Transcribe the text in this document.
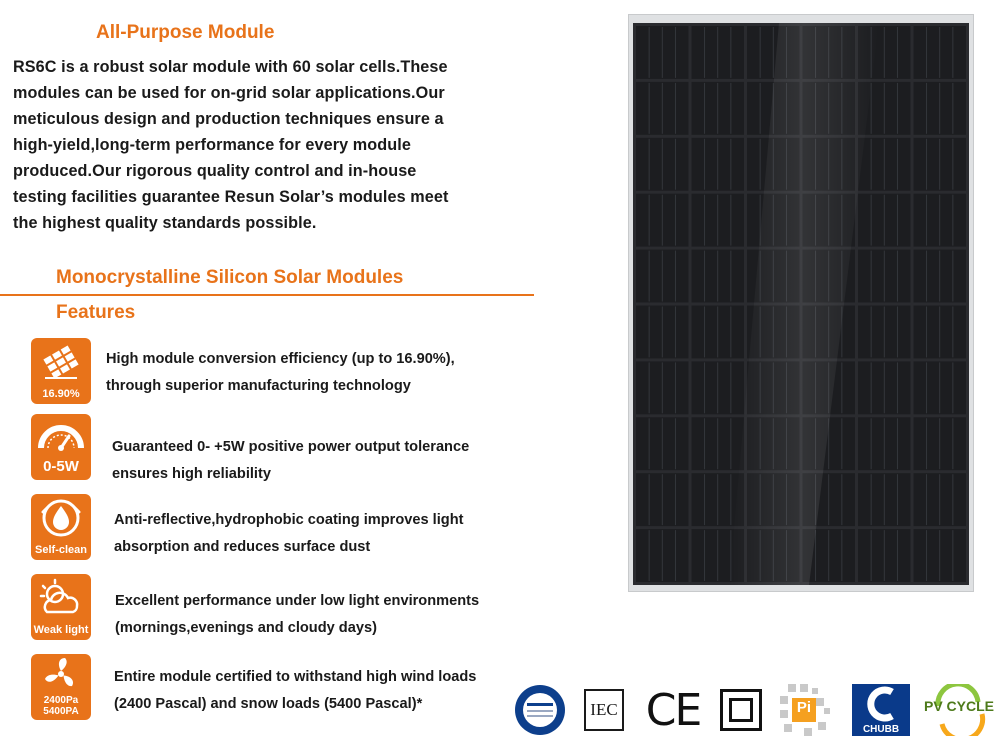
All-Purpose Module
RS6C is a robust solar module with 60 solar cells.These
modules can be used for on-grid solar applications.Our
meticulous design and production techniques ensure a
high-yield,long-term performance for every module
produced.Our rigorous quality control and in-house
testing facilities guarantee Resun Solar’s modules meet
the highest quality standards possible.
Monocrystalline Silicon Solar Modules
Features
16.90%
High module conversion efficiency (up to 16.90%),
through superior manufacturing technology
0-5W
Guaranteed 0- +5W positive power output tolerance
ensures high reliability
Self-clean
Anti-reflective,hydrophobic coating improves light
absorption and reduces surface dust
Weak light
Excellent performance under low light environments
(mornings,evenings and cloudy days)
2400Pa
5400PA
Entire module certified to withstand high wind loads
(2400 Pascal) and snow loads (5400 Pascal)*	IEC CE	Pi
CHUBB
PV CYCLE
